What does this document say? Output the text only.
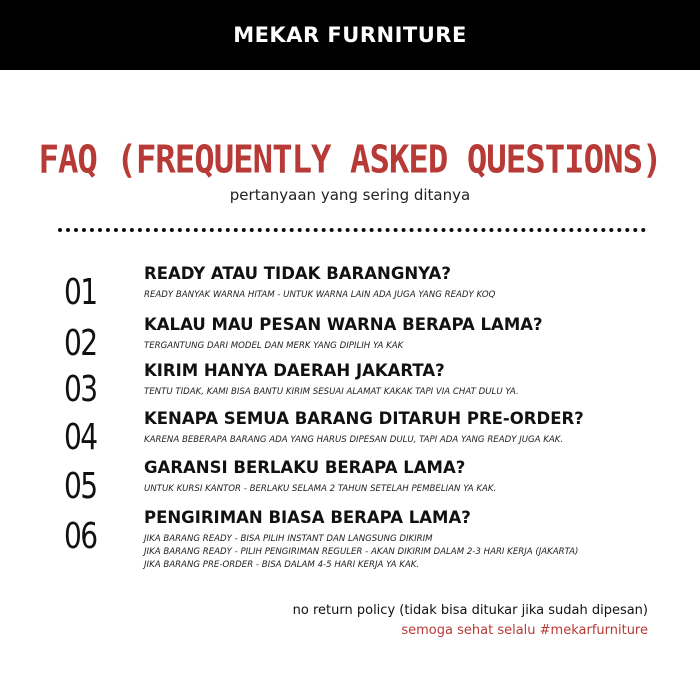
MEKAR FURNITURE
FAQ (FREQUENTLY ASKED QUESTIONS)
pertanyaan yang sering ditanya
01	READY ATAU TIDAK BARANGNYA?
READY BANYAK WARNA HITAM - UNTUK WARNA LAIN ADA JUGA YANG READY KOQ
02	KALAU MAU PESAN WARNA BERAPA LAMA?
TERGANTUNG DARI MODEL DAN MERK YANG DIPILIH YA KAK
03	KIRIM HANYA DAERAH JAKARTA?
TENTU TIDAK, KAMI BISA BANTU KIRIM SESUAI ALAMAT KAKAK TAPI VIA CHAT DULU YA.
04	KENAPA SEMUA BARANG DITARUH PRE-ORDER?
KARENA BEBERAPA BARANG ADA YANG HARUS DIPESAN DULU, TAPI ADA YANG READY JUGA KAK.
05	GARANSI BERLAKU BERAPA LAMA?
UNTUK KURSI KANTOR - BERLAKU SELAMA 2 TAHUN SETELAH PEMBELIAN YA KAK.
06	PENGIRIMAN BIASA BERAPA LAMA?
JIKA BARANG READY - BISA PILIH INSTANT DAN LANGSUNG DIKIRIM
JIKA BARANG READY - PILIH PENGIRIMAN REGULER - AKAN DIKIRIM DALAM 2-3 HARI KERJA (JAKARTA)
JIKA BARANG PRE-ORDER - BISA DALAM 4-5 HARI KERJA YA KAK.
no return policy (tidak bisa ditukar jika sudah dipesan)
semoga sehat selalu #mekarfurniture
